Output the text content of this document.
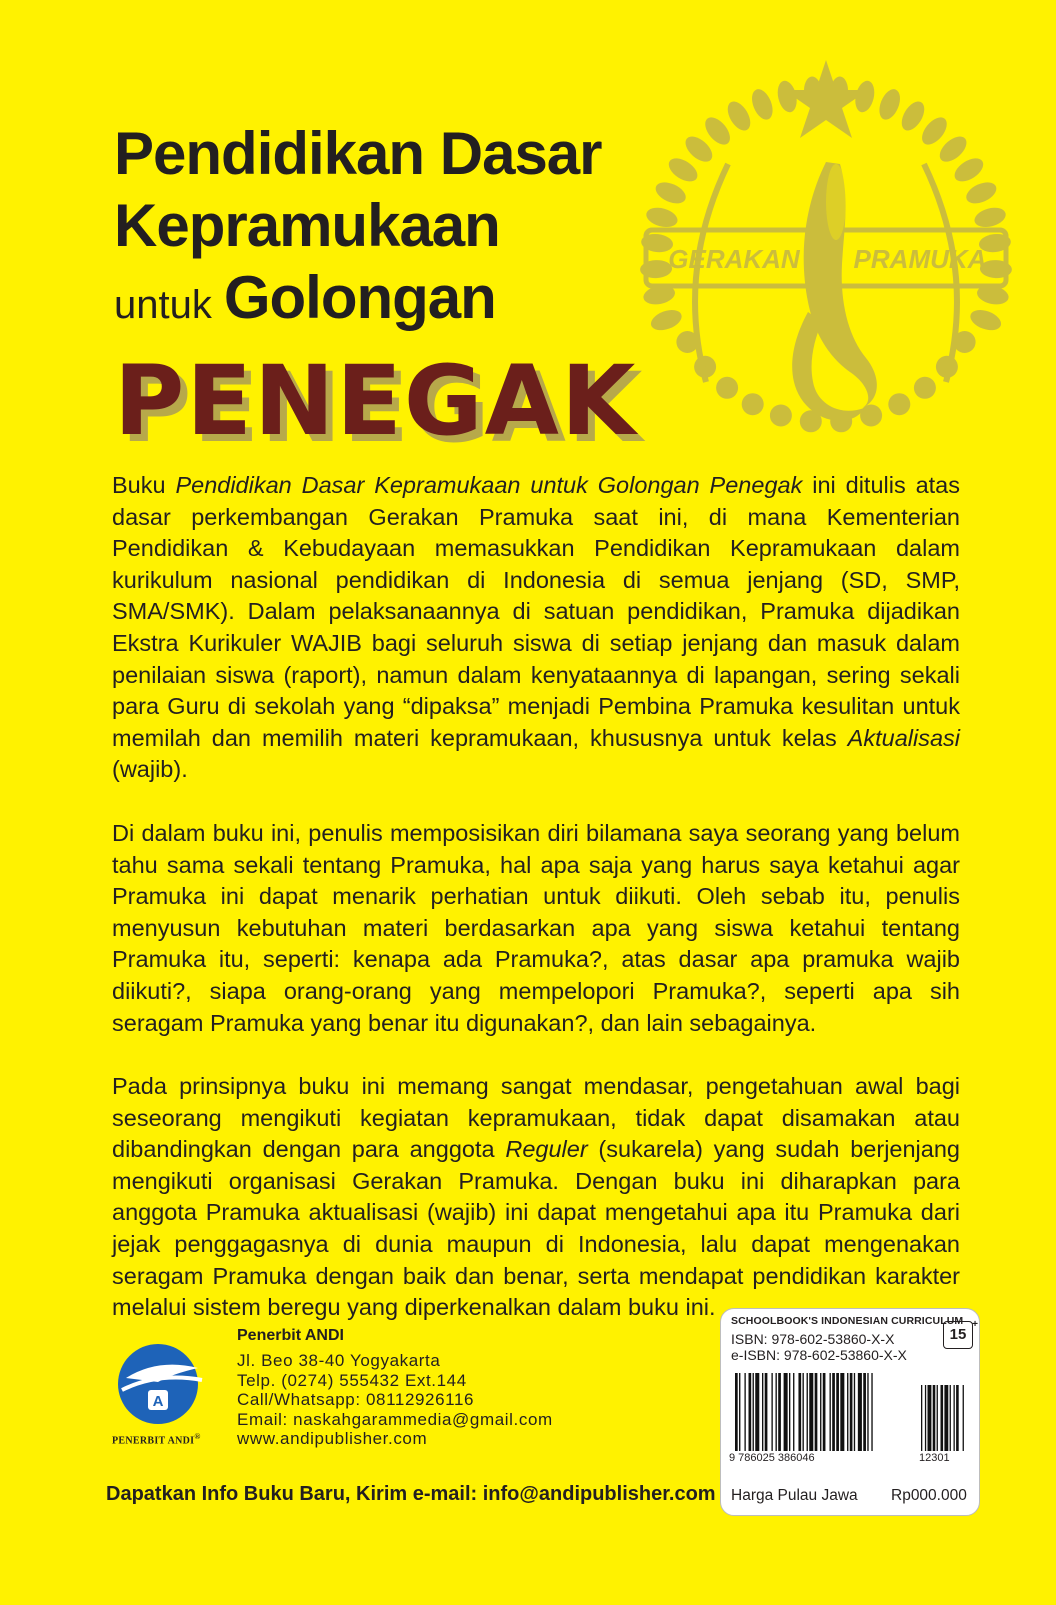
GERAKAN PRAMUKA
Pendidikan Dasar
Kepramukaan
untuk Golongan
PENEGAK

Buku Pendidikan Dasar Kepramukaan untuk Golongan Penegak ini ditulis atas dasar perkembangan Gerakan Pramuka saat ini, di mana Kementerian Pendidikan & Kebudayaan memasukkan Pendidikan Kepramukaan dalam kurikulum nasional pendidikan di Indonesia di semua jenjang (SD, SMP, SMA/SMK). Dalam pelaksanaannya di satuan pendidikan, Pramuka dijadikan Ekstra Kurikuler WAJIB bagi seluruh siswa di setiap jenjang dan masuk dalam penilaian siswa (raport), namun dalam kenyataannya di lapangan, sering sekali para Guru di sekolah yang “dipaksa” menjadi Pembina Pramuka kesulitan untuk memilah dan memilih materi kepramukaan, khususnya untuk kelas Aktualisasi (wajib).

Di dalam buku ini, penulis memposisikan diri bilamana saya seorang yang belum tahu sama sekali tentang Pramuka, hal apa saja yang harus saya ketahui agar Pramuka ini dapat menarik perhatian untuk diikuti. Oleh sebab itu, penulis menyusun kebutuhan materi berdasarkan apa yang siswa ketahui tentang Pramuka itu, seperti: kenapa ada Pramuka?, atas dasar apa pramuka wajib diikuti?, siapa orang-orang yang mempelopori Pramuka?, seperti apa sih seragam Pramuka yang benar itu digunakan?, dan lain sebagainya.

Pada prinsipnya buku ini memang sangat mendasar, pengetahuan awal bagi seseorang mengikuti kegiatan kepramukaan, tidak dapat disamakan atau dibandingkan dengan para anggota Reguler (sukarela) yang sudah berjenjang mengikuti organisasi Gerakan Pramuka. Dengan buku ini diharapkan para anggota Pramuka aktualisasi (wajib) ini dapat mengetahui apa itu Pramuka dari jejak penggagasnya di dunia maupun di Indonesia, lalu dapat mengenakan seragam Pramuka dengan baik dan benar, serta mendapat pendidikan karakter melalui sistem beregu yang diperkenalkan dalam buku ini.

A
PENERBIT ANDI®
Penerbit ANDI
Jl. Beo 38-40 Yogyakarta
Telp. (0274) 555432 Ext.144
Call/Whatsapp: 08112926116
Email: naskahgarammedia@gmail.com
www.andipublisher.com
Dapatkan Info Buku Baru, Kirim e-mail: info@andipublisher.com
SCHOOLBOOK'S INDONESIAN CURRICULUM
ISBN: 978-602-53860-X-X
e-ISBN: 978-602-53860-X-X
15
+
9 786025 386046	12301
Harga Pulau Jawa Rp000.000
